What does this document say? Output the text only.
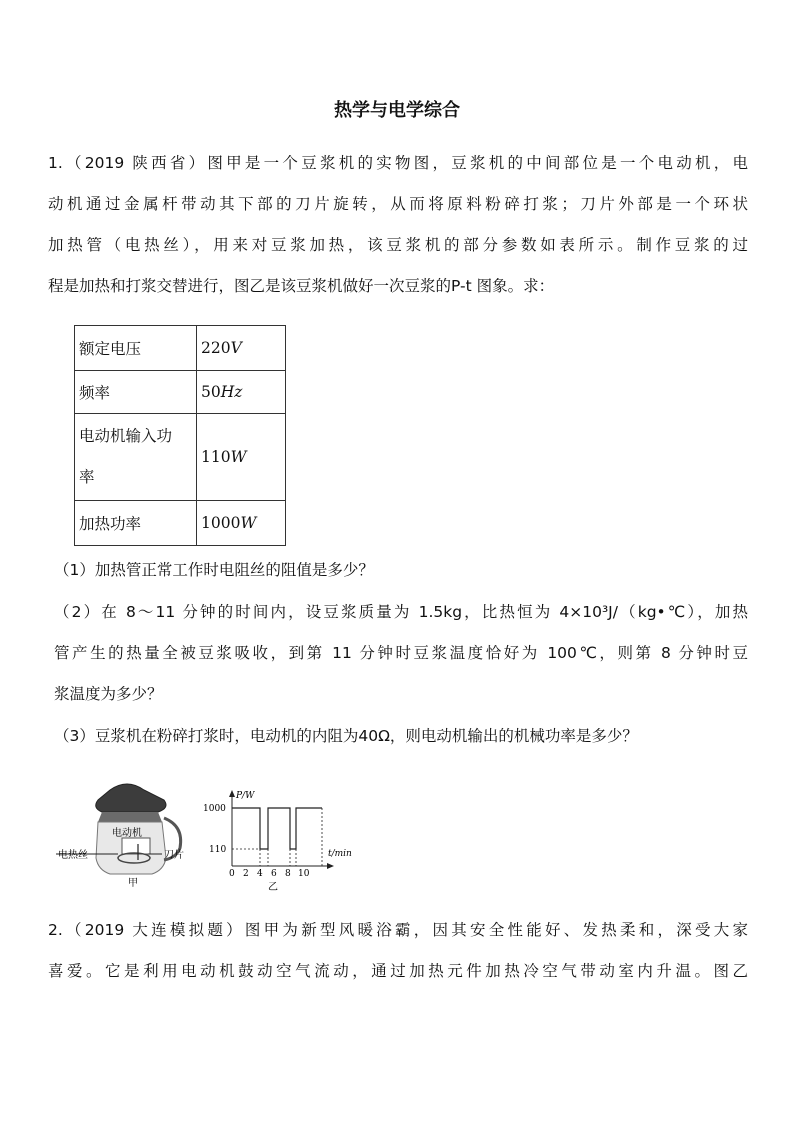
热学与电学综合
1.（2019 陕西省）图甲是一个豆浆机的实物图，豆浆机的中间部位是一个电动机，电
动机通过金属杆带动其下部的刀片旋转，从而将原料粉碎打浆；刀片外部是一个环状
加热管（电热丝），用来对豆浆加热，该豆浆机的部分参数如表所示。制作豆浆的过
程是加热和打浆交替进行，图乙是该豆浆机做好一次豆浆的P-t 图象。求：
额定电压	220V
频率	50Hz

电动机输入功
率	110W
加热功率	1000W
（1）加热管正常工作时电阻丝的阻值是多少？
（2）在 8～11 分钟的时间内，设豆浆质量为 1.5kg，比热恒为 4×10³J/（kg•℃），加热
管产生的热量全被豆浆吸收，到第 11 分钟时豆浆温度恰好为 100℃，则第 8 分钟时豆
浆温度为多少？
（3）豆浆机在粉碎打浆时，电动机的内阻为40Ω，则电动机输出的机械功率是多少？
电动机
电热丝	刀片
甲
P/W
t/min
1000
110
0 2 4 6 8 10
乙
2.（2019 大连模拟题）图甲为新型风暖浴霸，因其安全性能好、发热柔和，深受大家
喜爱。它是利用电动机鼓动空气流动，通过加热元件加热冷空气带动室内升温。图乙
